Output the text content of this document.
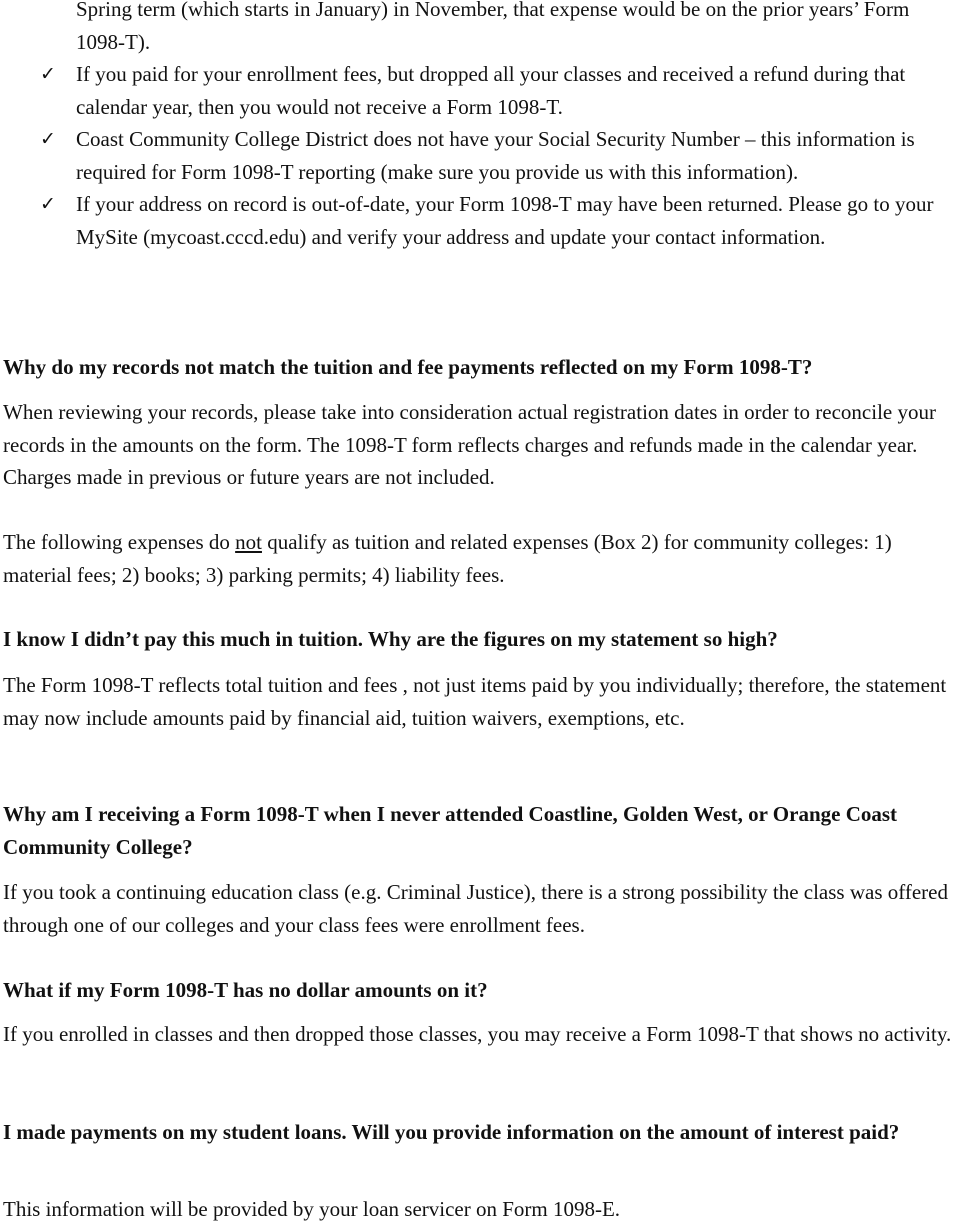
Spring term (which starts in January) in November, that expense would be on the prior years’ Form 1098-T).

✓ If you paid for your enrollment fees, but dropped all your classes and received a refund during that calendar year, then you would not receive a Form 1098-T.
✓ Coast Community College District does not have your Social Security Number – this information is required for Form 1098-T reporting (make sure you provide us with this information).
✓ If your address on record is out-of-date, your Form 1098-T may have been returned. Please go to your MySite (mycoast.cccd.edu) and verify your address and update your contact information.

Why do my records not match the tuition and fee payments reflected on my Form 1098-T?

When reviewing your records, please take into consideration actual registration dates in order to reconcile your records in the amounts on the form. The 1098-T form reflects charges and refunds made in the calendar year. Charges made in previous or future years are not included.

The following expenses do not qualify as tuition and related expenses (Box 2) for community colleges: 1) material fees; 2) books; 3) parking permits; 4) liability fees.

I know I didn’t pay this much in tuition. Why are the figures on my statement so high?

The Form 1098-T reflects total tuition and fees , not just items paid by you individually; therefore, the statement may now include amounts paid by financial aid, tuition waivers, exemptions, etc.

Why am I receiving a Form 1098-T when I never attended Coastline, Golden West, or Orange Coast Community College?

If you took a continuing education class (e.g. Criminal Justice), there is a strong possibility the class was offered through one of our colleges and your class fees were enrollment fees.

What if my Form 1098-T has no dollar amounts on it?

If you enrolled in classes and then dropped those classes, you may receive a Form 1098-T that shows no activity.

I made payments on my student loans. Will you provide information on the amount of interest paid?

This information will be provided by your loan servicer on Form 1098-E.
